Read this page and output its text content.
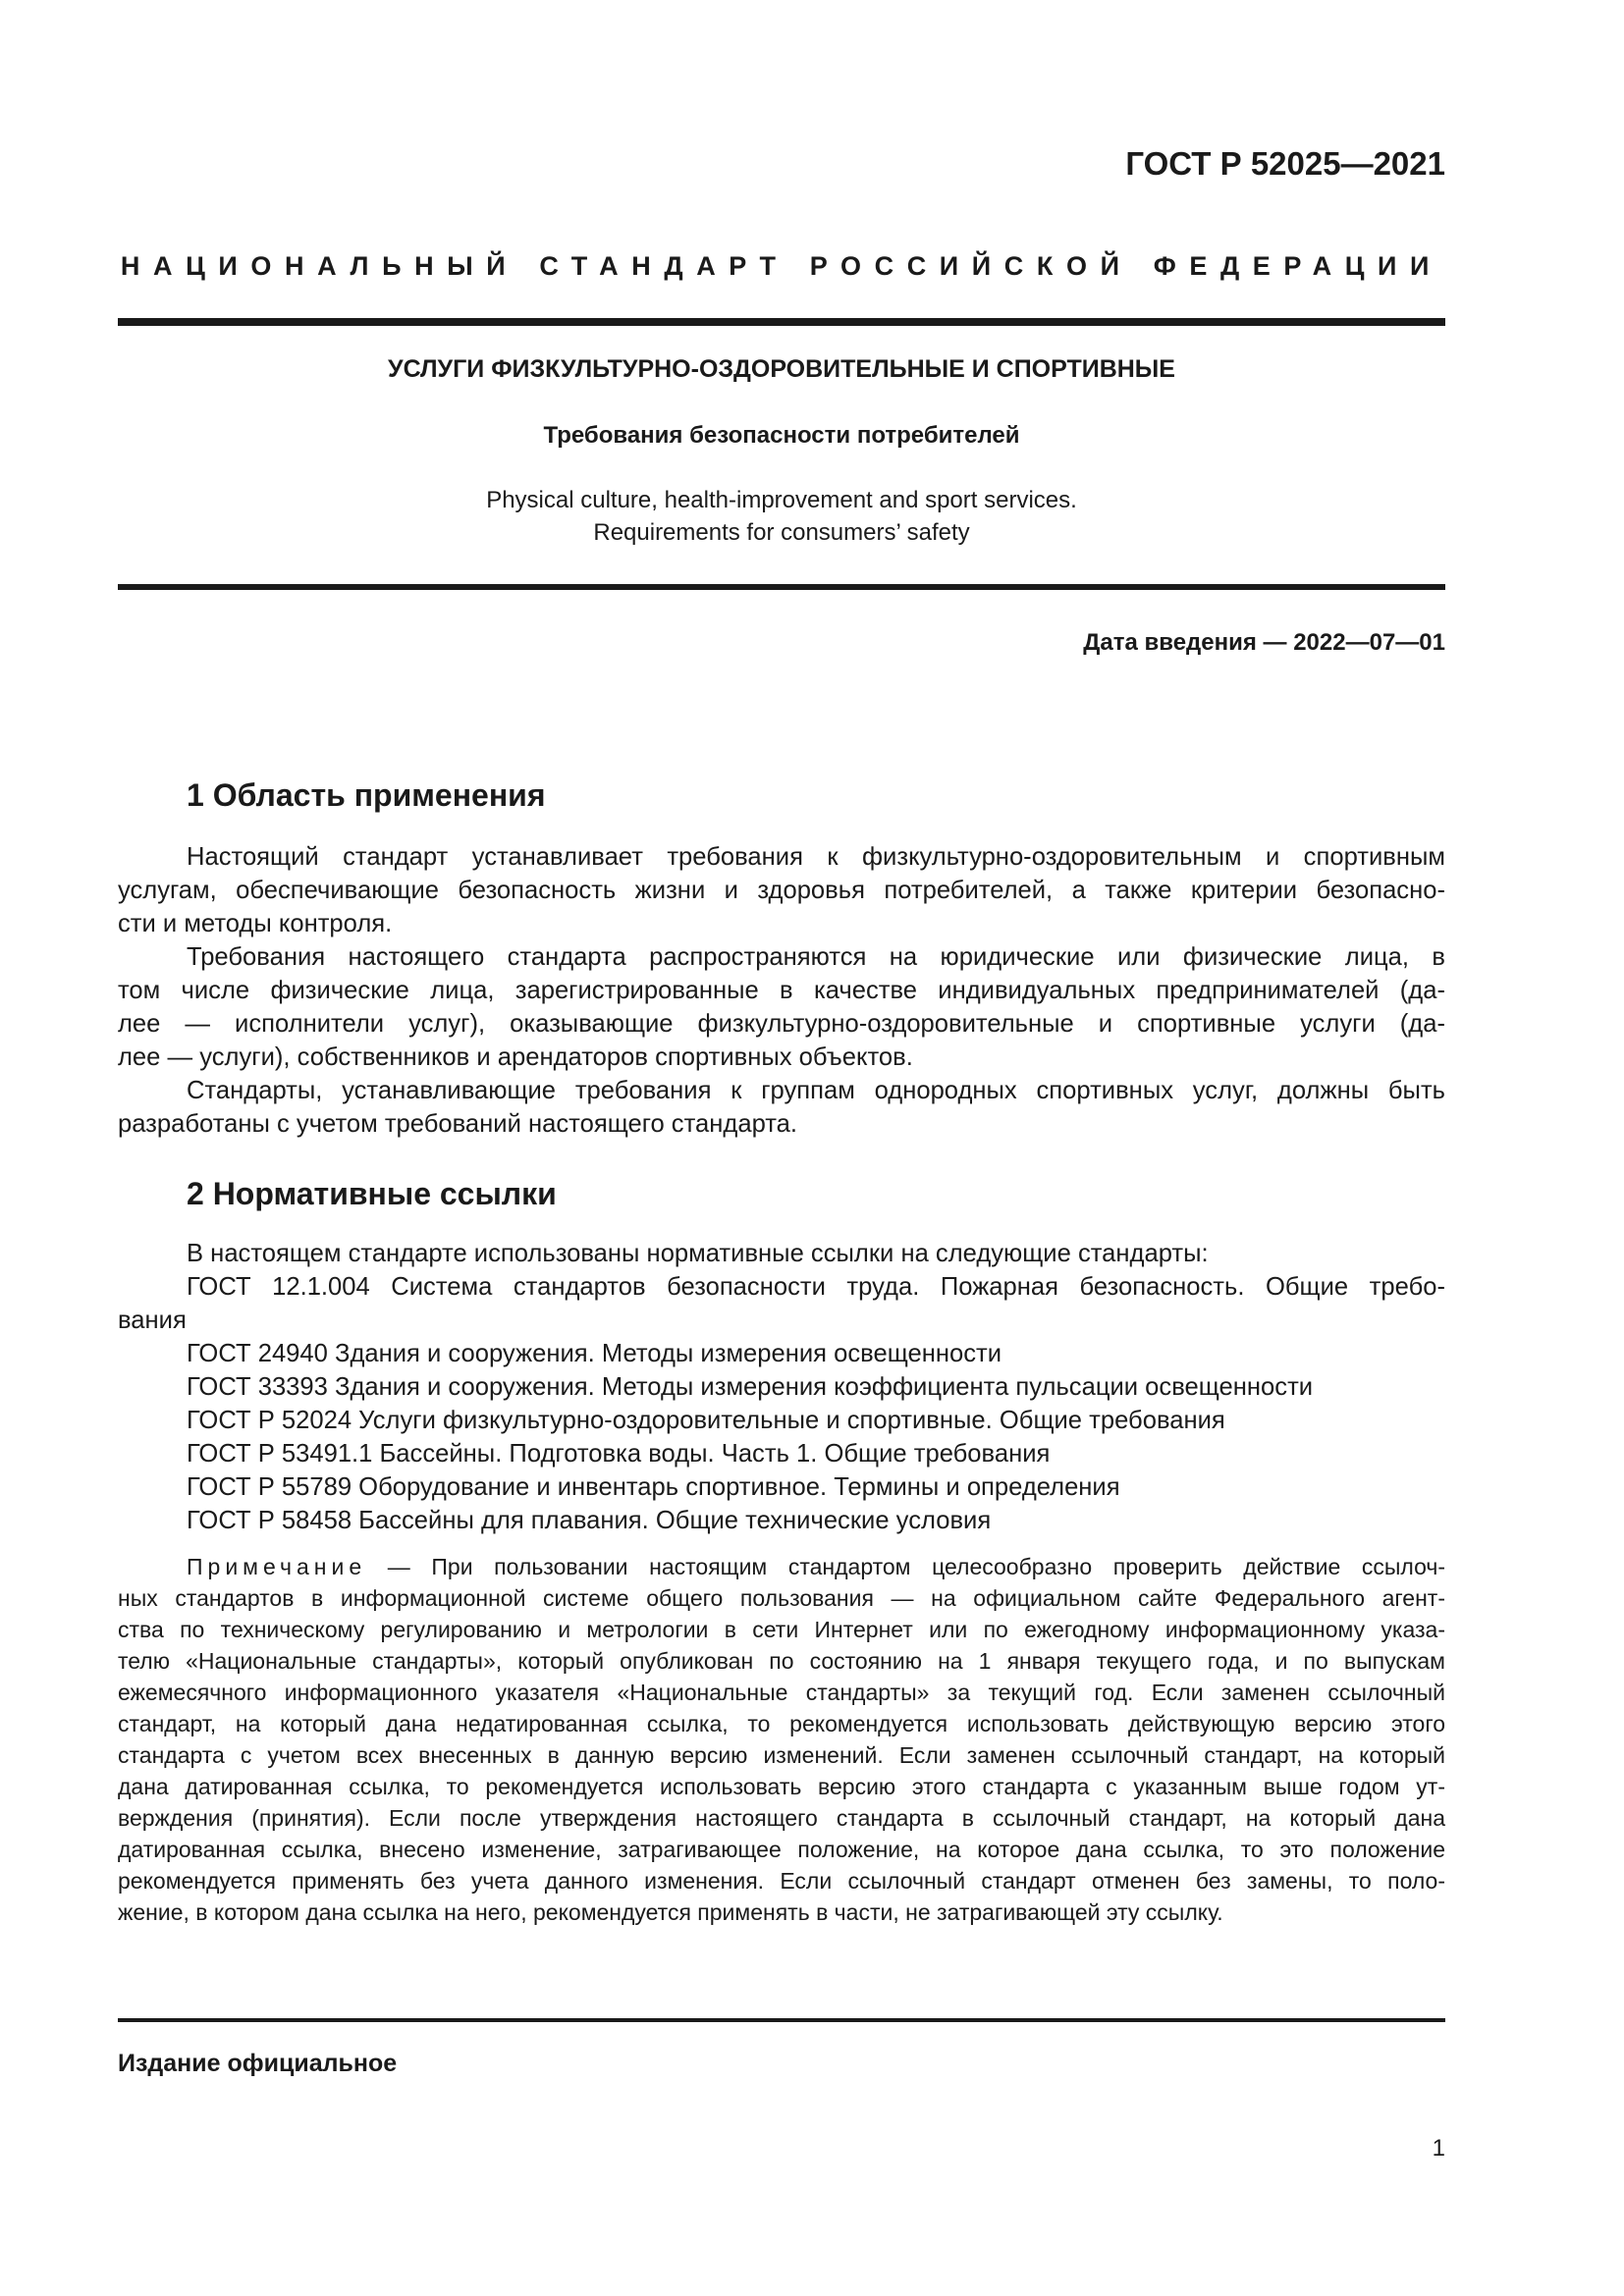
ГОСТ Р 52025—2021
НАЦИОНАЛЬНЫЙ СТАНДАРТ РОССИЙСКОЙ ФЕДЕРАЦИИ
УСЛУГИ ФИЗКУЛЬТУРНО-ОЗДОРОВИТЕЛЬНЫЕ И СПОРТИВНЫЕ
Требования безопасности потребителей
Physical culture, health-improvement and sport services.
Requirements for consumers’ safety
Дата введения — 2022—07—01
1 Область применения
Настоящий стандарт устанавливает требования к физкультурно-оздоровительным и спортивным
услугам, обеспечивающие безопасность жизни и здоровья потребителей, а также критерии безопасно-
сти и методы контроля.
Требования настоящего стандарта распространяются на юридические или физические лица, в
том числе физические лица, зарегистрированные в качестве индивидуальных предпринимателей (да-
лее — исполнители услуг), оказывающие физкультурно-оздоровительные и спортивные услуги (да-
лее — услуги), собственников и арендаторов спортивных объектов.
Стандарты, устанавливающие требования к группам однородных спортивных услуг, должны быть
разработаны с учетом требований настоящего стандарта.
2 Нормативные ссылки
В настоящем стандарте использованы нормативные ссылки на следующие стандарты:
ГОСТ 12.1.004 Система стандартов безопасности труда. Пожарная безопасность. Общие требо-
вания
ГОСТ 24940 Здания и сооружения. Методы измерения освещенности
ГОСТ 33393 Здания и сооружения. Методы измерения коэффициента пульсации освещенности
ГОСТ Р 52024 Услуги физкультурно-оздоровительные и спортивные. Общие требования
ГОСТ Р 53491.1 Бассейны. Подготовка воды. Часть 1. Общие требования
ГОСТ Р 55789 Оборудование и инвентарь спортивное. Термины и определения
ГОСТ Р 58458 Бассейны для плавания. Общие технические условия
Примечание — При пользовании настоящим стандартом целесообразно проверить действие ссылоч-
ных стандартов в информационной системе общего пользования — на официальном сайте Федерального агент-
ства по техническому регулированию и метрологии в сети Интернет или по ежегодному информационному указа-
телю «Национальные стандарты», который опубликован по состоянию на 1 января текущего года, и по выпускам
ежемесячного информационного указателя «Национальные стандарты» за текущий год. Если заменен ссылочный
стандарт, на который дана недатированная ссылка, то рекомендуется использовать действующую версию этого
стандарта с учетом всех внесенных в данную версию изменений. Если заменен ссылочный стандарт, на который
дана датированная ссылка, то рекомендуется использовать версию этого стандарта с указанным выше годом ут-
верждения (принятия). Если после утверждения настоящего стандарта в ссылочный стандарт, на который дана
датированная ссылка, внесено изменение, затрагивающее положение, на которое дана ссылка, то это положение
рекомендуется применять без учета данного изменения. Если ссылочный стандарт отменен без замены, то поло-
жение, в котором дана ссылка на него, рекомендуется применять в части, не затрагивающей эту ссылку.
Издание официальное
1
